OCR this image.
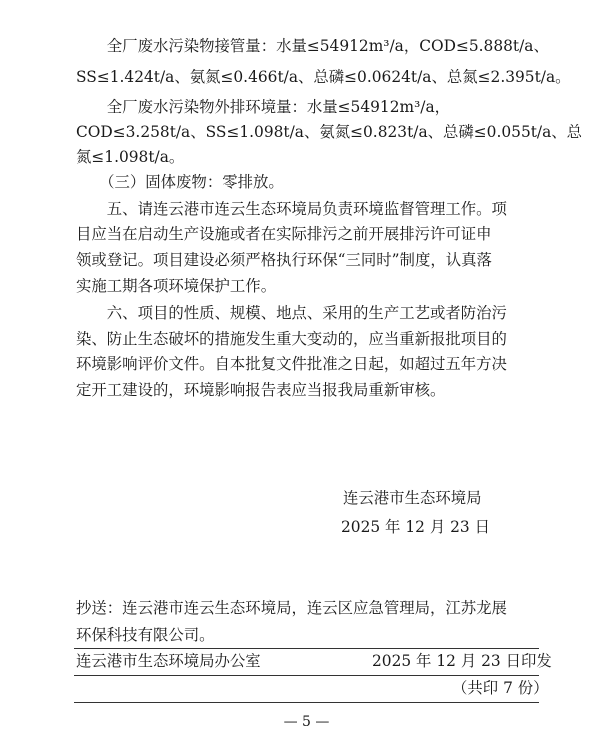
　　全厂废水污染物接管量：水量≤54912m³/a，COD≤5.888t/a、
SS≤1.424t/a、氨氮≤0.466t/a、总磷≤0.0624t/a、总氮≤2.395t/a。
　　全厂废水污染物外排环境量：水量≤54912m³/a，
COD≤3.258t/a、SS≤1.098t/a、氨氮≤0.823t/a、总磷≤0.055t/a、总
氮≤1.098t/a。
　　（三）固体废物：零排放。
　　五、请连云港市连云生态环境局负责环境监督管理工作。项
目应当在启动生产设施或者在实际排污之前开展排污许可证申
领或登记。项目建设必须严格执行环保“三同时”制度，认真落
实施工期各项环境保护工作。
　　六、项目的性质、规模、地点、采用的生产工艺或者防治污
染、防止生态破坏的措施发生重大变动的，应当重新报批项目的
环境影响评价文件。自本批复文件批准之日起，如超过五年方决
定开工建设的，环境影响报告表应当报我局重新审核。
连云港市生态环境局
2025 年 12 月 23 日
抄送：连云港市连云生态环境局，连云区应急管理局，江苏龙展
环保科技有限公司。
连云港市生态环境局办公室	2025 年 12 月 23 日印发
（共印 7 份）
— 5 —
